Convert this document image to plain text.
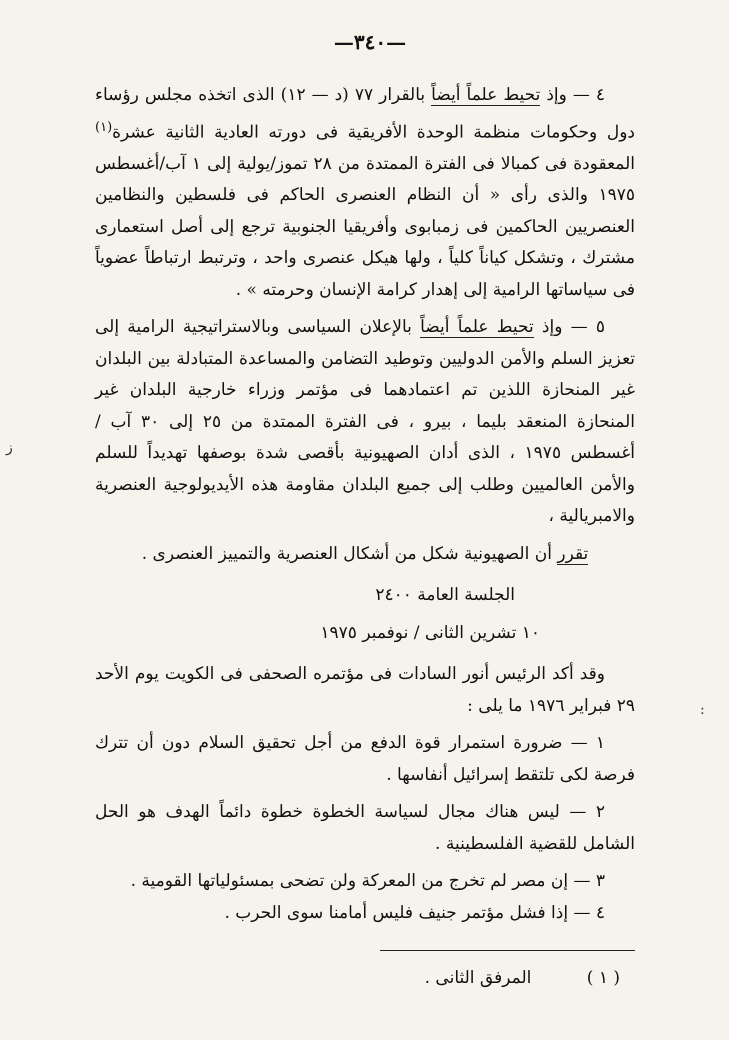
—٣٤٠—

٤ — وإذ تحيط علماً أيضاً بالقرار ٧٧ (د — ١٢) الذى اتخذه مجلس رؤساء دول وحكومات منظمة الوحدة الأفريقية فى دورته العادية الثانية عشرة$^{(١)}$ المعقودة فى كمبالا فى الفترة الممتدة من ٢٨ تموز/يولية إلى ١ آب/أغسطس ١٩٧٥ والذى رأى « أن النظام العنصرى الحاكم فى فلسطين والنظامين العنصريين الحاكمين فى زمبابوى وأفريقيا الجنوبية ترجع إلى أصل استعمارى مشترك ، وتشكل كياناً كلياً ، ولها هيكل عنصرى واحد ، وترتبط ارتباطاً عضوياً فى سياساتها الرامية إلى إهدار كرامة الإنسان وحرمته » .

٥ — وإذ تحيط علماً أيضاً بالإعلان السياسى وبالاستراتيجية الرامية إلى تعزيز السلم والأمن الدوليين وتوطيد التضامن والمساعدة المتبادلة بين البلدان غير المنحازة اللذين تم اعتمادهما فى مؤتمر وزراء خارجية البلدان غير المنحازة المنعقد بليما ، بيرو ، فى الفترة الممتدة من ٢٥ إلى ٣٠ آب / أغسطس ١٩٧٥ ، الذى أدان الصهيونية بأقصى شدة بوصفها تهديداً للسلم والأمن العالميين وطلب إلى جميع البلدان مقاومة هذه الأيديولوجية العنصرية والامبريالية ،

تقرر أن الصهيونية شكل من أشكال العنصرية والتمييز العنصرى .

الجلسة العامة ٢٤٠٠

١٠ تشرين الثانى / نوفمبر ١٩٧٥

وقد أكد الرئيس أنور السادات فى مؤتمره الصحفى فى الكويت يوم الأحد ٢٩ فبراير ١٩٧٦ ما يلى :

١ — ضرورة استمرار قوة الدفع من أجل تحقيق السلام دون أن تترك فرصة لكى تلتقط إسرائيل أنفاسها .

٢ — ليس هناك مجال لسياسة الخطوة خطوة دائماً الهدف هو الحل الشامل للقضية الفلسطينية .

٣ — إن مصر لم تخرج من المعركة ولن تضحى بمسئولياتها القومية .

٤ — إذا فشل مؤتمر جنيف فليس أمامنا سوى الحرب .

( ١ ) المرفق الثانى .
ز
:
